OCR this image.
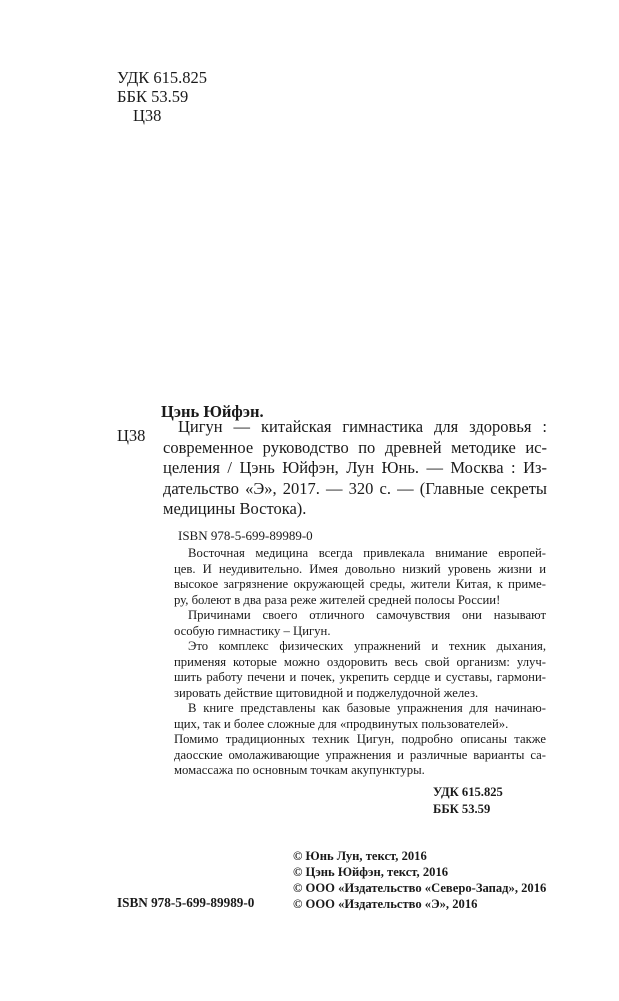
УДК 615.825
ББК 53.59
Ц38
Цэнь Юйфэн.
Ц38 Цигун — китайская гимнастика для здоровья :
современное руководство по древней методике ис-
целения / Цэнь Юйфэн, Лун Юнь. — Москва : Из-
дательство «Э», 2017. — 320 с. — (Главные секреты
медицины Востока).
ISBN 978-5-699-89989-0
Восточная медицина всегда привлекала внимание европей-
цев. И неудивительно. Имея довольно низкий уровень жизни и
высокое загрязнение окружающей среды, жители Китая, к приме-
ру, болеют в два раза реже жителей средней полосы России!
Причинами своего отличного самочувствия они называют
особую гимнастику – Цигун.
Это комплекс физических упражнений и техник дыхания,
применяя которые можно оздоровить весь свой организм: улуч-
шить работу печени и почек, укрепить сердце и суставы, гармони-
зировать действие щитовидной и поджелудочной желез.
В книге представлены как базовые упражнения для начинаю-
щих, так и более сложные для «продвинутых пользователей».
Помимо традиционных техник Цигун, подробно описаны также
даосские омолаживающие упражнения и различные варианты са-
момассажа по основным точкам акупунктуры.
УДК 615.825
ББК 53.59
© Юнь Лун, текст, 2016
© Цэнь Юйфэн, текст, 2016
© ООО «Издательство «Северо-Запад», 2016
© ООО «Издательство «Э», 2016
ISBN 978-5-699-89989-0
